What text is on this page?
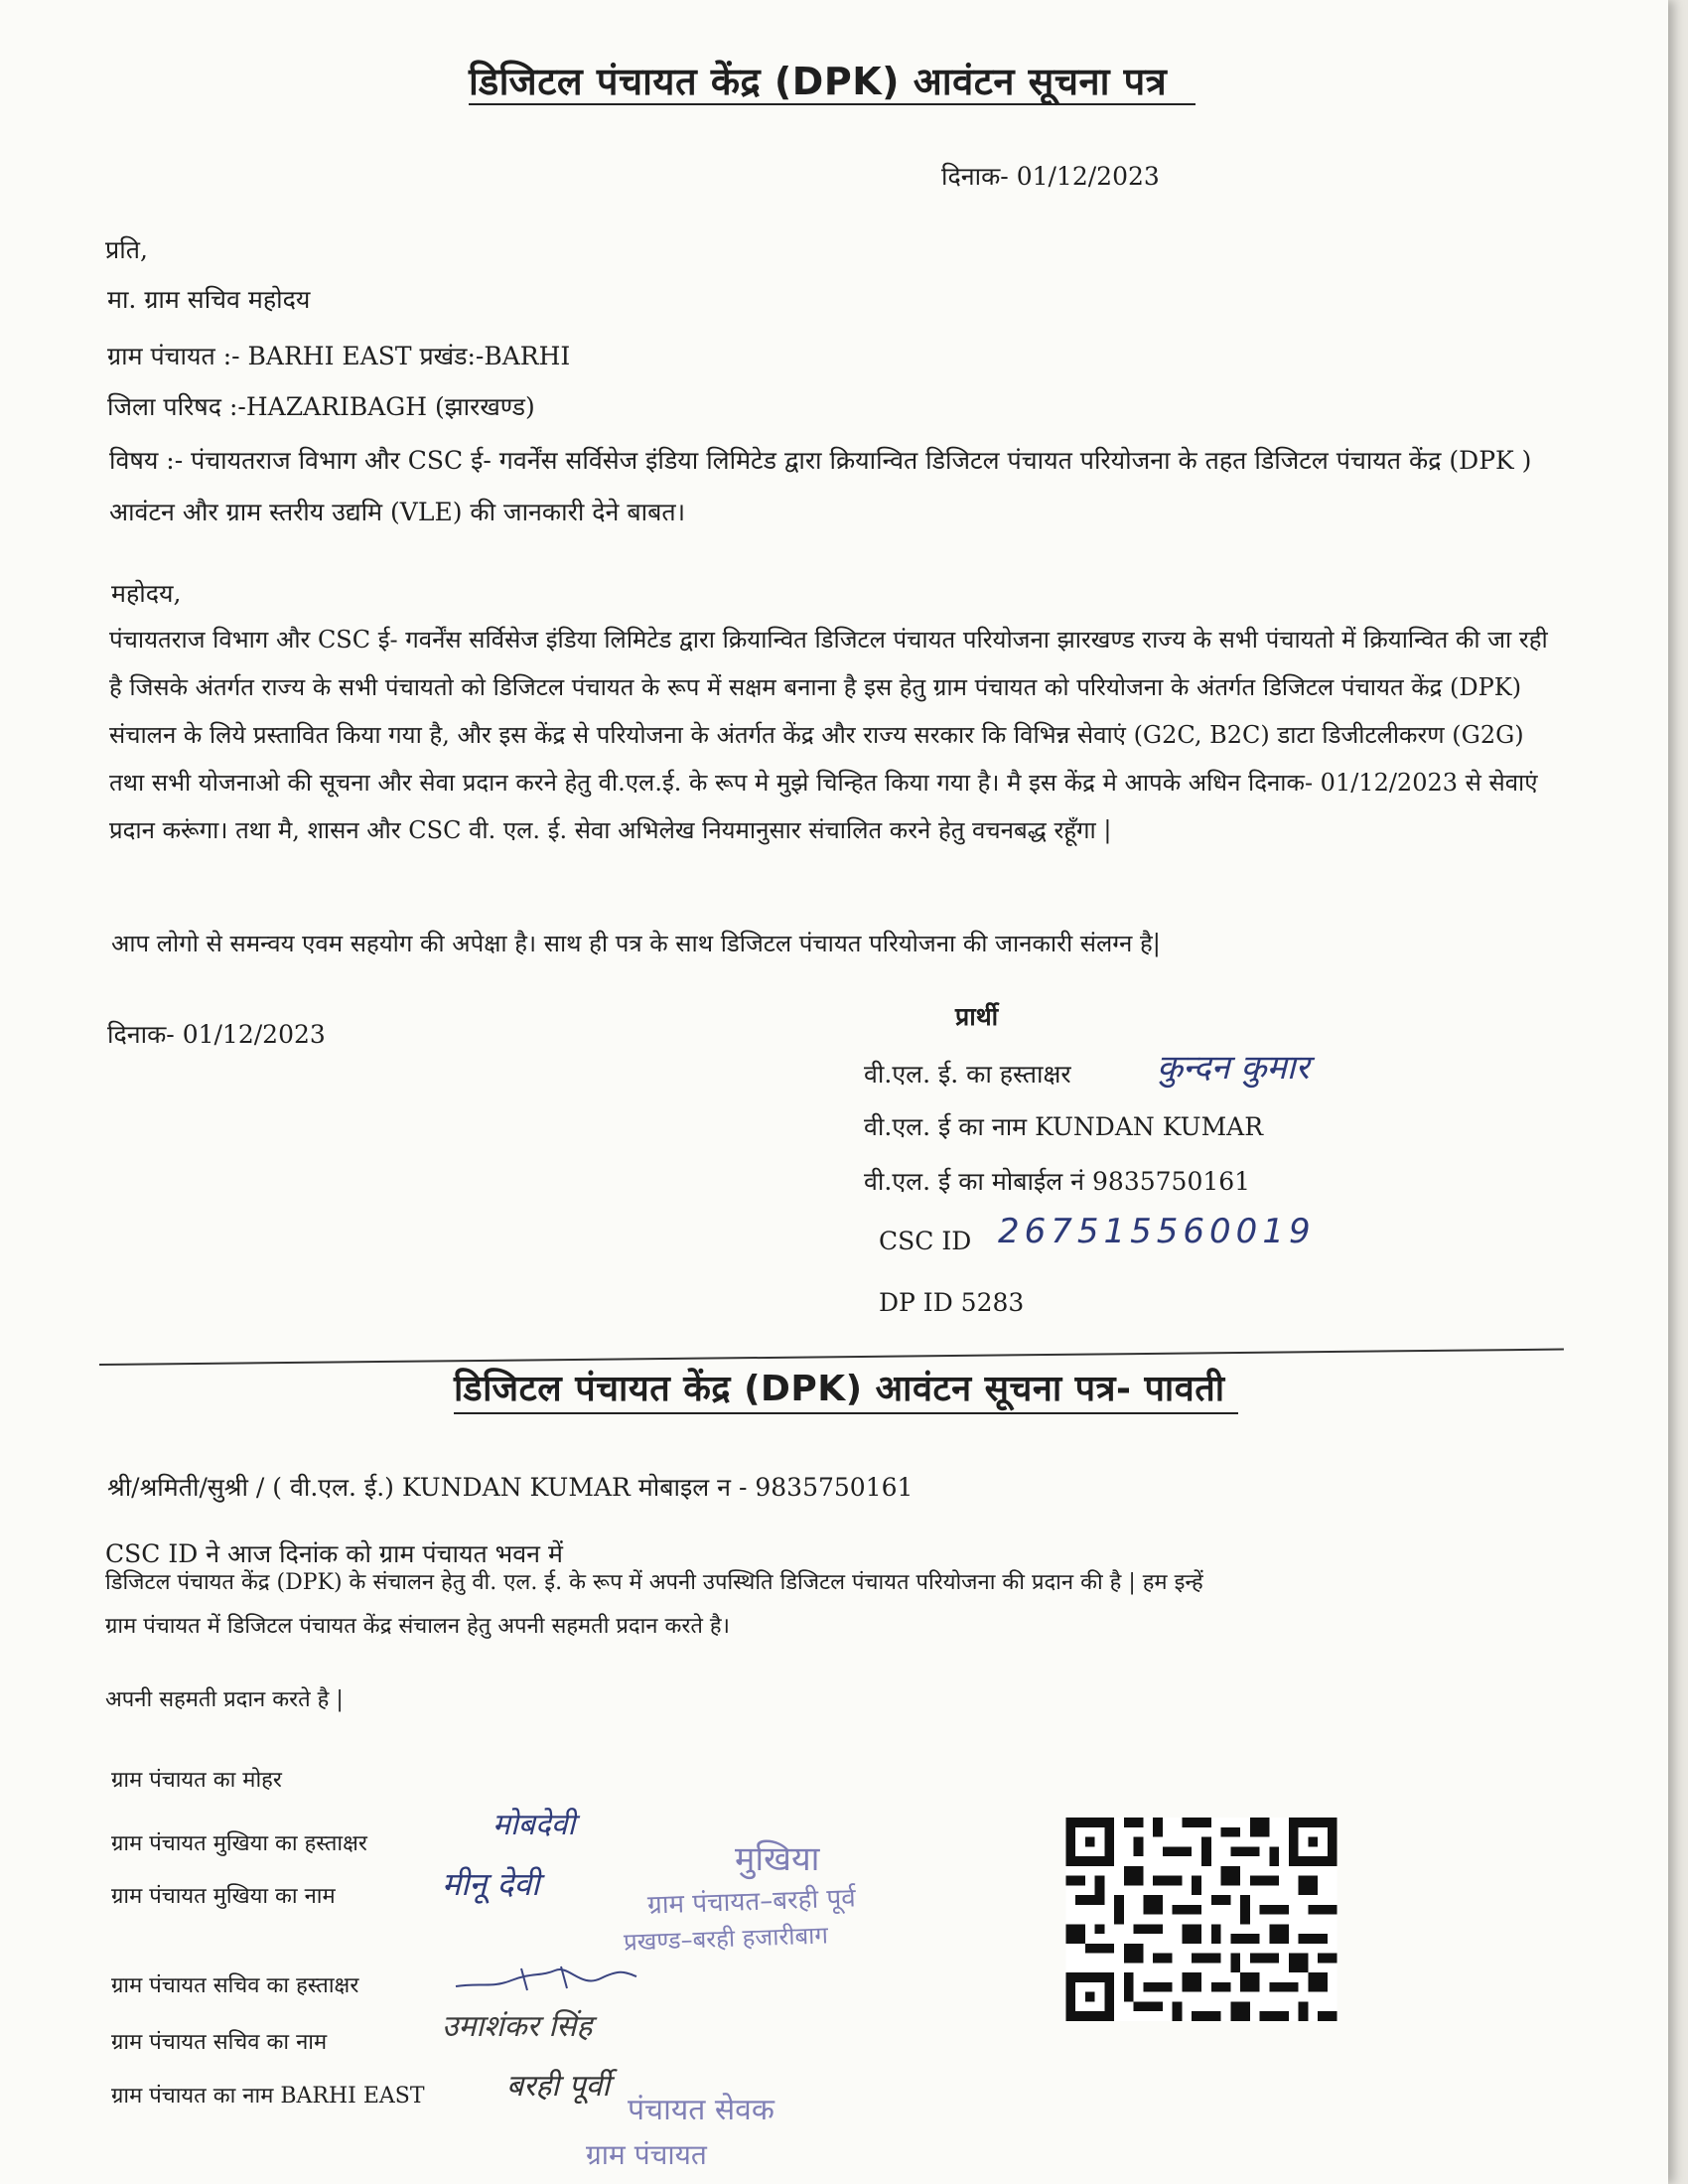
डिजिटल पंचायत केंद्र (DPK) आवंटन सूचना पत्र
दिनाक- 01/12/2023
प्रति,
मा. ग्राम सचिव महोदय
ग्राम पंचायत :- BARHI EAST प्रखंड:-BARHI
जिला परिषद :-HAZARIBAGH (झारखण्ड)
विषय :- पंचायतराज विभाग और CSC ई- गवर्नेंस सर्विसेज इंडिया लिमिटेड द्वारा क्रियान्वित डिजिटल पंचायत परियोजना के तहत डिजिटल पंचायत केंद्र (DPK ) आवंटन और ग्राम स्तरीय उद्यमि (VLE) की जानकारी देने बाबत।
महोदय,
पंचायतराज विभाग और CSC ई- गवर्नेंस सर्विसेज इंडिया लिमिटेड द्वारा क्रियान्वित डिजिटल पंचायत परियोजना झारखण्ड राज्य के सभी पंचायतो में क्रियान्वित की जा रही है जिसके अंतर्गत राज्य के सभी पंचायतो को डिजिटल पंचायत के रूप में सक्षम बनाना है इस हेतु ग्राम पंचायत को परियोजना के अंतर्गत डिजिटल पंचायत केंद्र (DPK) संचालन के लिये प्रस्तावित किया गया है, और इस केंद्र से परियोजना के अंतर्गत केंद्र और राज्य सरकार कि विभिन्न सेवाएं (G2C, B2C) डाटा डिजीटलीकरण (G2G) तथा सभी योजनाओ की सूचना और सेवा प्रदान करने हेतु वी.एल.ई. के रूप मे मुझे चिन्हित किया गया है। मै इस केंद्र मे आपके अधिन दिनाक- 01/12/2023 से सेवाएं प्रदान करूंगा। तथा मै, शासन और CSC वी. एल. ई. सेवा अभिलेख नियमानुसार संचालित करने हेतु वचनबद्ध रहूँगा |
आप लोगो से समन्वय एवम सहयोग की अपेक्षा है। साथ ही पत्र के साथ डिजिटल पंचायत परियोजना की जानकारी संलग्न है|
दिनाक- 01/12/2023
प्रार्थी
वी.एल. ई. का हस्ताक्षर	कुन्दन कुमार
वी.एल. ई का नाम KUNDAN KUMAR
वी.एल. ई का मोबाईल नं 9835750161
CSC ID 267515560019
DP ID 5283
डिजिटल पंचायत केंद्र (DPK) आवंटन सूचना पत्र- पावती
श्री/श्रमिती/सुश्री / ( वी.एल. ई.) KUNDAN KUMAR मोबाइल न - 9835750161
CSC ID ने आज दिनांक को ग्राम पंचायत भवन में
डिजिटल पंचायत केंद्र (DPK) के संचालन हेतु वी. एल. ई. के रूप में अपनी उपस्थिति डिजिटल पंचायत परियोजना की प्रदान की है | हम इन्हें
ग्राम पंचायत में डिजिटल पंचायत केंद्र संचालन हेतु अपनी सहमती प्रदान करते है।
अपनी सहमती प्रदान करते है |
ग्राम पंचायत का मोहर
ग्राम पंचायत मुखिया का हस्ताक्षर
मोबदेवी
ग्राम पंचायत मुखिया का नाम	मीनू देवी
ग्राम पंचायत सचिव का हस्ताक्षर
ग्राम पंचायत सचिव का नाम	उमाशंकर सिंह
ग्राम पंचायत का नाम BARHI EAST	बरही पूर्वी
मुखिया
ग्राम पंचायत–बरही पूर्व
प्रखण्ड–बरही हजारीबाग
पंचायत सेवक
ग्राम पंचायत
